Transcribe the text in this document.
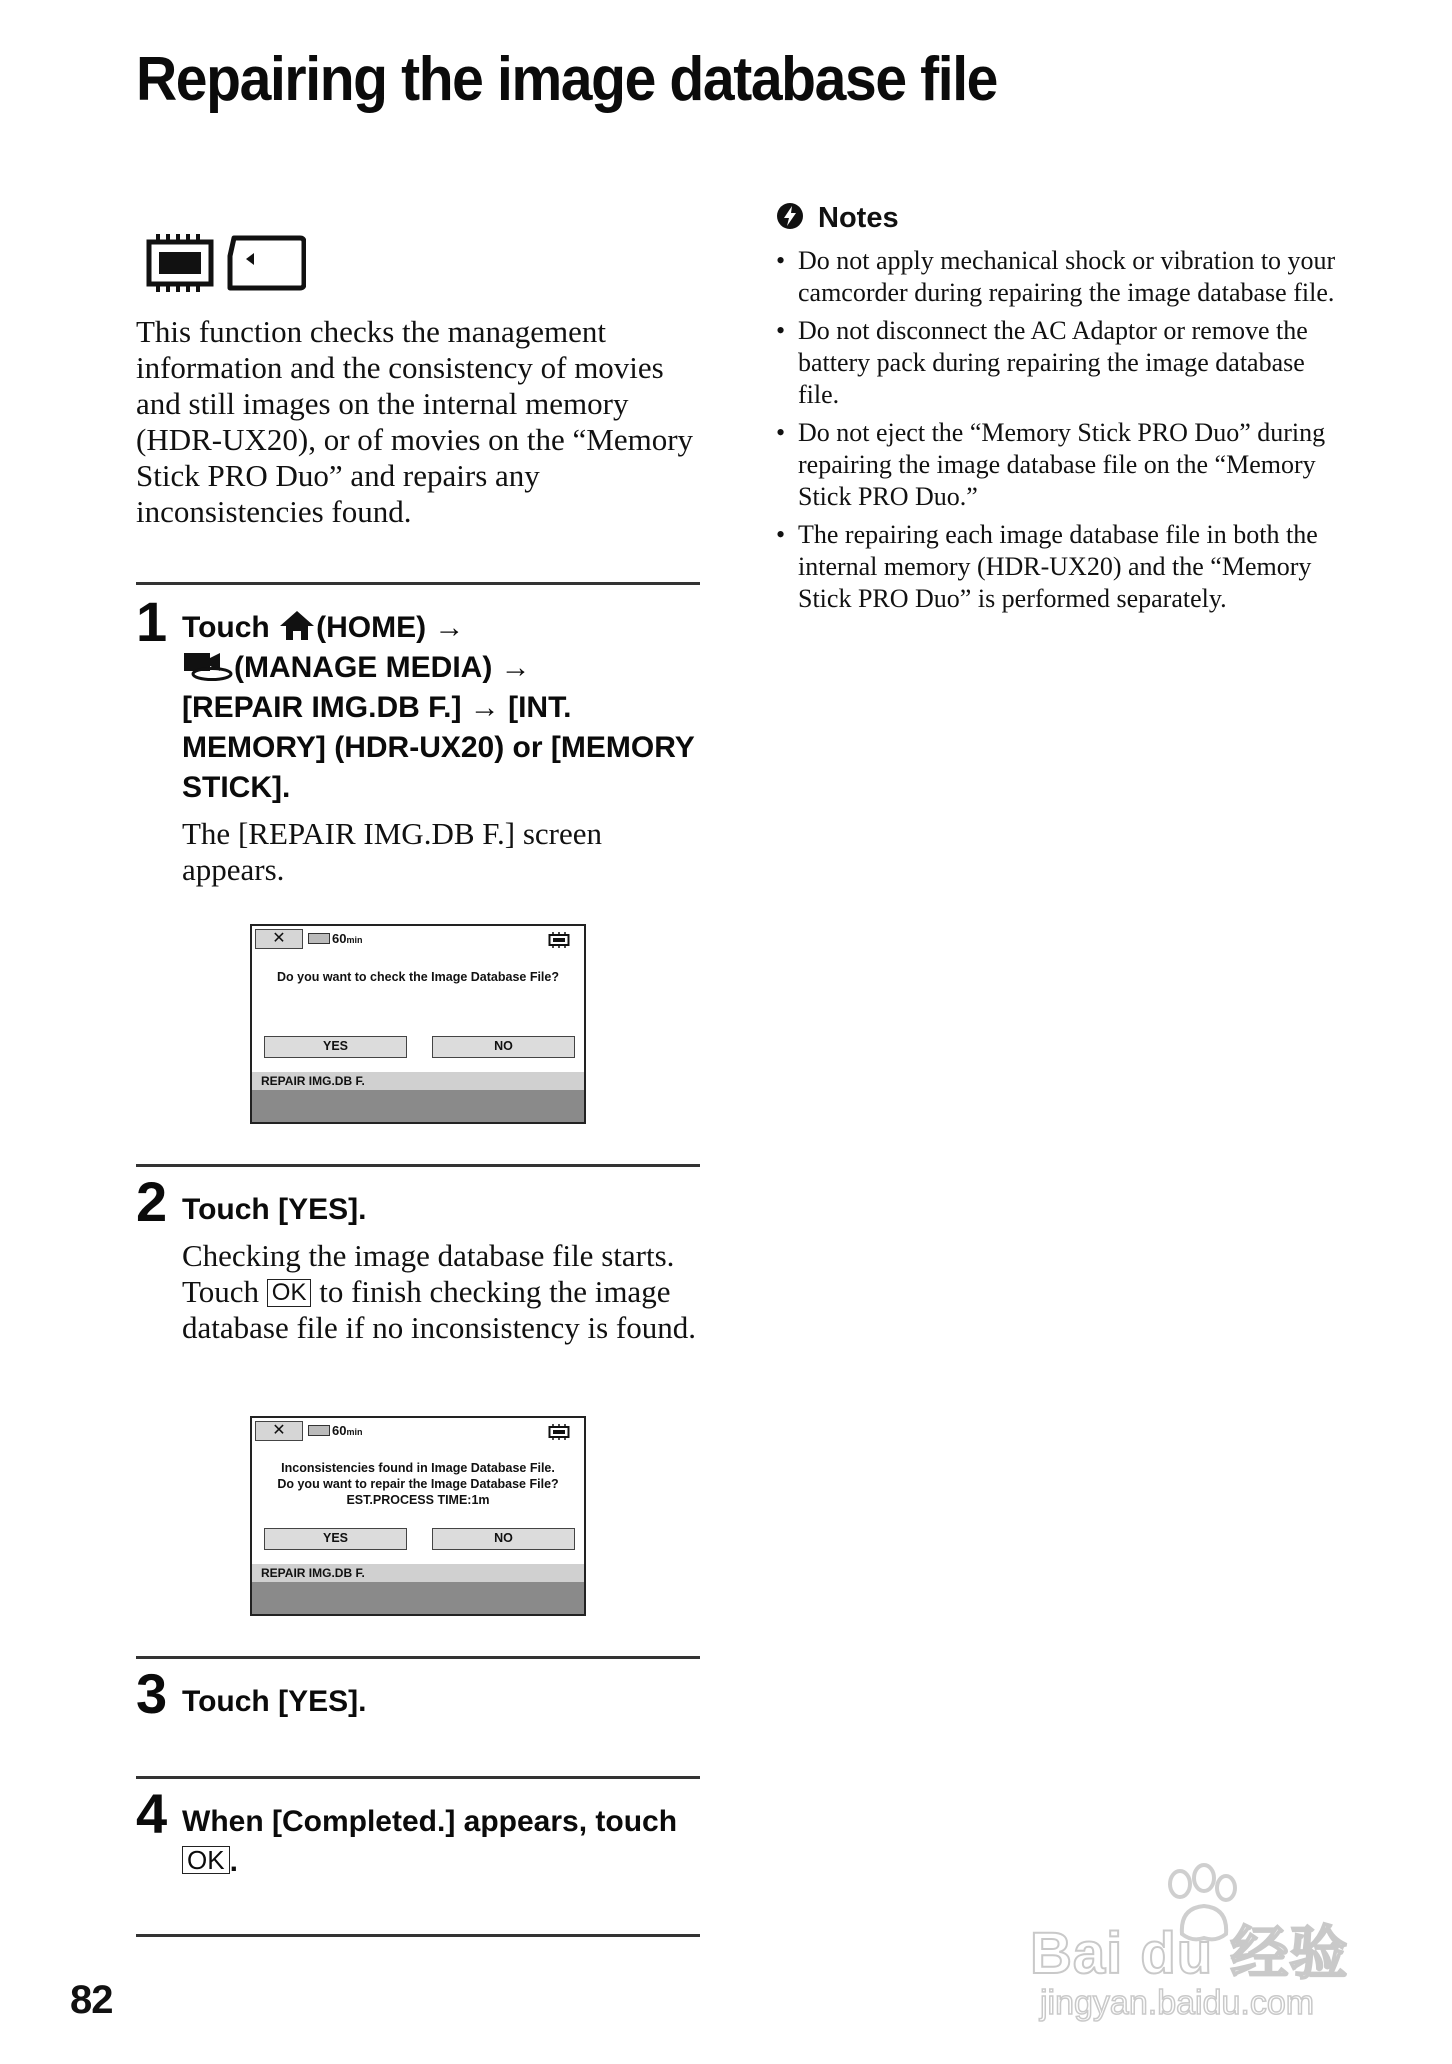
Repairing the image database file

This function checks the management information and the consistency of movies and still images on the internal memory (HDR-UX20), or of movies on the “Memory Stick PRO Duo” and repairs any inconsistencies found.

1 Touch (HOME) →
(MANAGE MEDIA) →
[REPAIR IMG.DB F.] → [INT. MEMORY] (HDR-UX20) or [MEMORY STICK].

The [REPAIR IMG.DB F.] screen appears.

✕	60min
Do you want to check the Image Database File?
YES	NO
REPAIR IMG.DB F.
2 Touch [YES].

Checking the image database file starts. Touch OK to finish checking the image database file if no inconsistency is found.

✕	60min
Inconsistencies found in Image Database File.
Do you want to repair the Image Database File?
EST.PROCESS TIME:1m
YES	NO
REPAIR IMG.DB F.
3 Touch [YES].

4 When [Completed.] appears, touch OK .

Notes
• Do not apply mechanical shock or vibration to your camcorder during repairing the image database file.
• Do not disconnect the AC Adaptor or remove the battery pack during repairing the image database file.
• Do not eject the “Memory Stick PRO Duo” during repairing the image database file on the “Memory Stick PRO Duo.”
• The repairing each image database file in both the internal memory (HDR-UX20) and the “Memory Stick PRO Duo” is performed separately.
82
Bai du 经验
jingyan.baidu.com
